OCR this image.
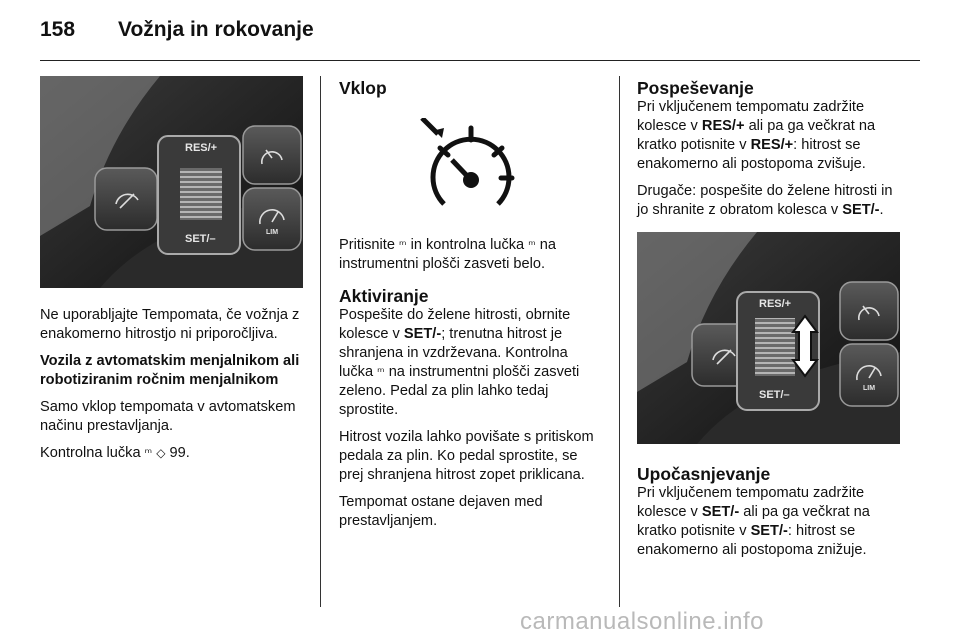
158	Vožnja in rokovanje
RES/+
SET/–
LIM

Ne uporabljajte Tempomata, če vožnja z enakomerno hitrostjo ni priporočljiva.

Vozila z avtomatskim menjalnikom ali robotiziranim ročnim menjalnikom

Samo vklop tempomata v avtomatskem načinu prestavljanja.

Kontrolna lučka ᵐ ◇ 99.

Vklop

Pritisnite ᵐ in kontrolna lučka ᵐ na instrumentni plošči zasveti belo.

Aktiviranje

Pospešite do želene hitrosti, obrnite kolesce v SET/-; trenutna hitrost je shranjena in vzdrževana. Kontrolna lučka ᵐ na instrumentni plošči zasveti zeleno. Pedal za plin lahko tedaj sprostite.

Hitrost vozila lahko povišate s pritiskom pedala za plin. Ko pedal sprostite, se prej shranjena hitrost zopet priklicana.

Tempomat ostane dejaven med prestavljanjem.

Pospeševanje

Pri vključenem tempomatu zadržite kolesce v RES/+ ali pa ga večkrat na kratko potisnite v RES/+: hitrost se enakomerno ali postopoma zvišuje.

Drugače: pospešite do želene hitrosti in jo shranite z obratom kolesca v SET/-.

RES/+
SET/–
LIM
Upočasnjevanje

Pri vključenem tempomatu zadržite kolesce v SET/- ali pa ga večkrat na kratko potisnite v SET/-: hitrost se enakomerno ali postopoma znižuje.

carmanualsonline.info
